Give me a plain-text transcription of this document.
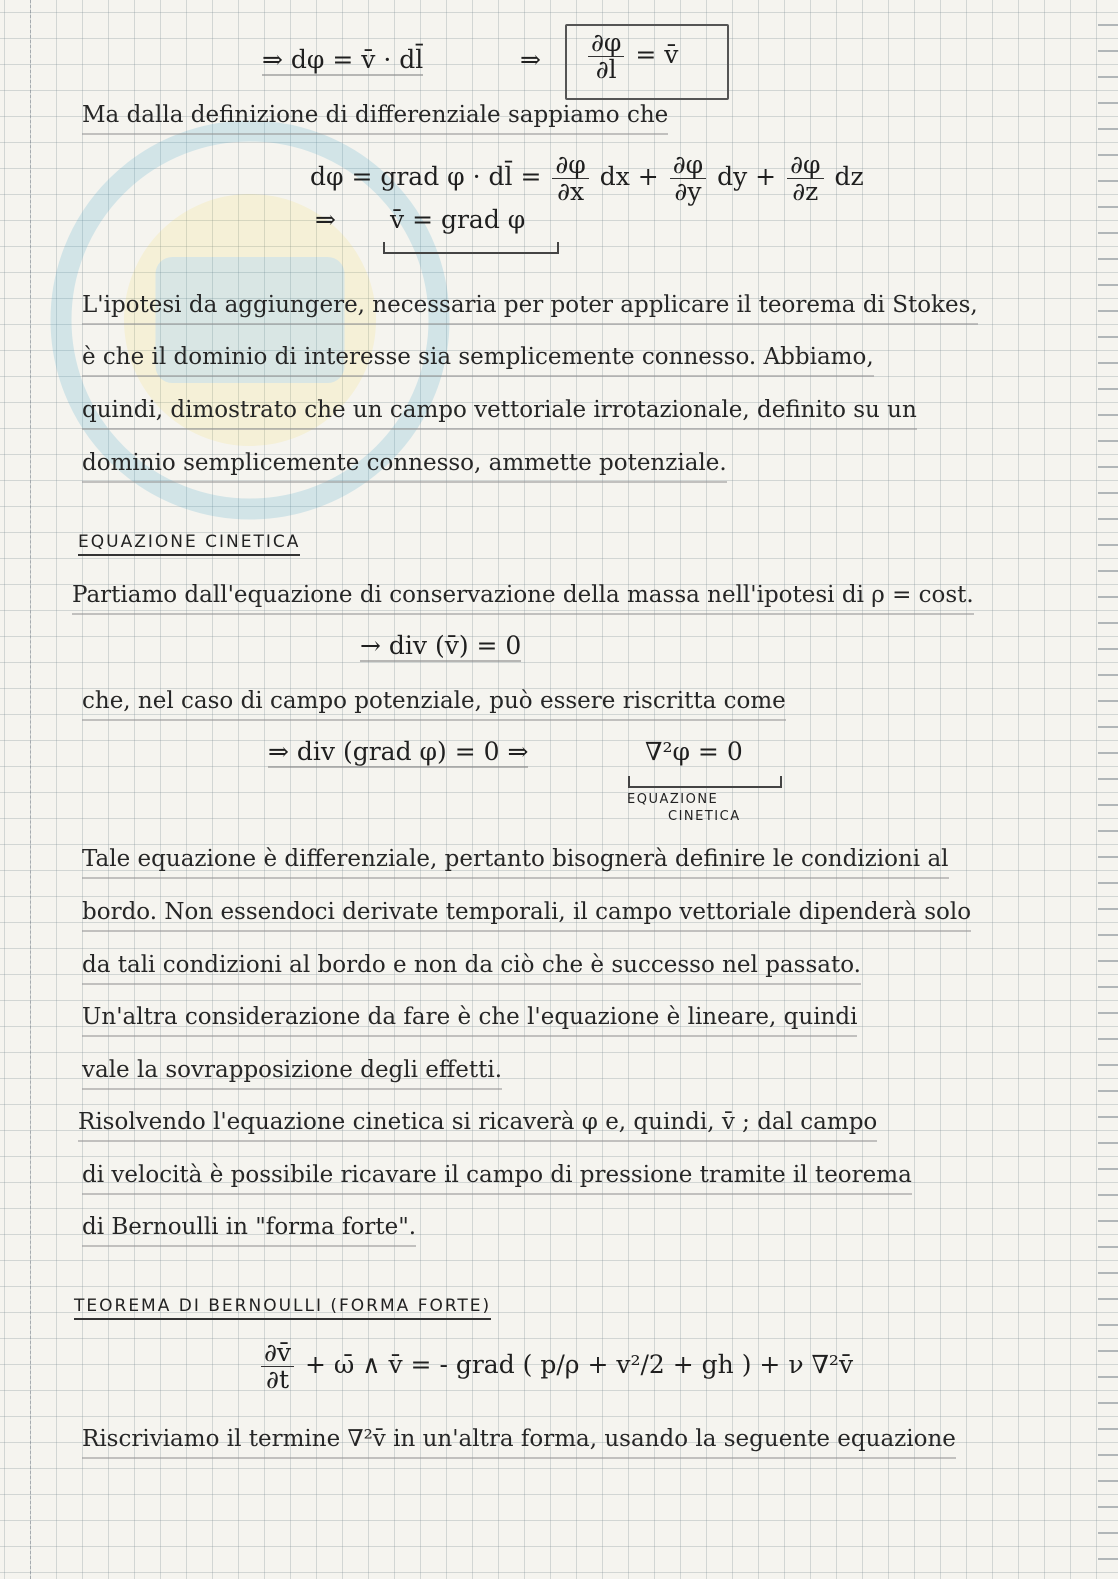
⇒ dφ = v̄ · dl̄	⇒ $\frac{\partial\varphi}{\partial l}$ = v̄
Ma dalla definizione di differenziale sappiamo che
dφ = grad φ · dl̄ = $\frac{\partial\varphi}{\partial x}$ dx + $\frac{\partial\varphi}{\partial y}$ dy + $\frac{\partial\varphi}{\partial z}$ dz
⇒ v̄ = grad φ
L'ipotesi da aggiungere, necessaria per poter applicare il teorema di Stokes,
è che il dominio di interesse sia semplicemente connesso. Abbiamo,
quindi, dimostrato che un campo vettoriale irrotazionale, definito su un
dominio semplicemente connesso, ammette potenziale.
EQUAZIONE CINETICA
Partiamo dall'equazione di conservazione della massa nell'ipotesi di ρ = cost.
→ div (v̄) = 0
che, nel caso di campo potenziale, può essere riscritta come
⇒ div (grad φ) = 0 ⇒	∇²φ = 0
EQUAZIONE
CINETICA
Tale equazione è differenziale, pertanto bisognerà definire le condizioni al
bordo. Non essendoci derivate temporali, il campo vettoriale dipenderà solo
da tali condizioni al bordo e non da ciò che è successo nel passato.
Un'altra considerazione da fare è che l'equazione è lineare, quindi
vale la sovrapposizione degli effetti.
Risolvendo l'equazione cinetica si ricaverà φ e, quindi, v̄ ; dal campo
di velocità è possibile ricavare il campo di pressione tramite il teorema
di Bernoulli in "forma forte".
TEOREMA DI BERNOULLI (FORMA FORTE)
$\frac{\partial v̄}{\partial t}$ + ω̄ ∧ v̄ = - grad ( p/ρ + v²/2 + gh ) + ν ∇²v̄
Riscriviamo il termine ∇²v̄ in un'altra forma, usando la seguente equazione
